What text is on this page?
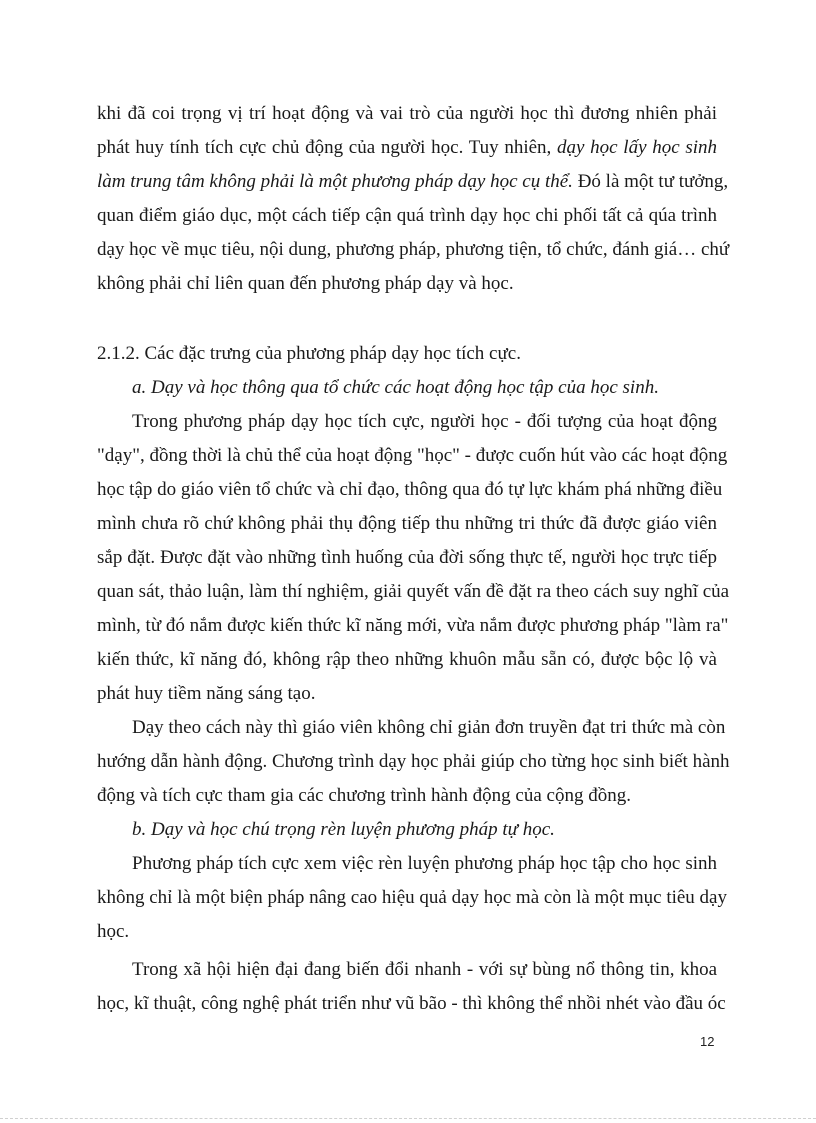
khi đã coi trọng vị trí hoạt động và vai trò của người học thì đương nhiên phải
phát huy tính tích cực chủ động của người học. Tuy nhiên, dạy học lấy học sinh
làm trung tâm không phải là một phương pháp dạy học cụ thể. Đó là một tư tưởng,
quan điểm giáo dục, một cách tiếp cận quá trình dạy học chi phối tất cả qúa trình
dạy học về mục tiêu, nội dung, phương pháp, phương tiện, tổ chức, đánh giá… chứ
không phải chỉ liên quan đến phương pháp dạy và học.
2.1.2. Các đặc trưng của phương pháp dạy học tích cực.
a. Dạy và học thông qua tổ chức các hoạt động học tập của học sinh.
Trong phương pháp dạy học tích cực, người học - đối tượng của hoạt động
"dạy", đồng thời là chủ thể của hoạt động "học" - được cuốn hút vào các hoạt động
học tập do giáo viên tổ chức và chỉ đạo, thông qua đó tự lực khám phá những điều
mình chưa rõ chứ không phải thụ động tiếp thu những tri thức đã được giáo viên
sắp đặt. Được đặt vào những tình huống của đời sống thực tế, người học trực tiếp
quan sát, thảo luận, làm thí nghiệm, giải quyết vấn đề đặt ra theo cách suy nghĩ của
mình, từ đó nắm được kiến thức kĩ năng mới, vừa nắm được phương pháp "làm ra"
kiến thức, kĩ năng đó, không rập theo những khuôn mẫu sẵn có, được bộc lộ và
phát huy tiềm năng sáng tạo.
Dạy theo cách này thì giáo viên không chỉ giản đơn truyền đạt tri thức mà còn
hướng dẫn hành động. Chương trình dạy học phải giúp cho từng học sinh biết hành
động và tích cực tham gia các chương trình hành động của cộng đồng.
b. Dạy và học chú trọng rèn luyện phương pháp tự học.
Phương pháp tích cực xem việc rèn luyện phương pháp học tập cho học sinh
không chỉ là một biện pháp nâng cao hiệu quả dạy học mà còn là một mục tiêu dạy
học.
Trong xã hội hiện đại đang biến đổi nhanh - với sự bùng nổ thông tin, khoa
học, kĩ thuật, công nghệ phát triển như vũ bão - thì không thể nhồi nhét vào đầu óc
12
